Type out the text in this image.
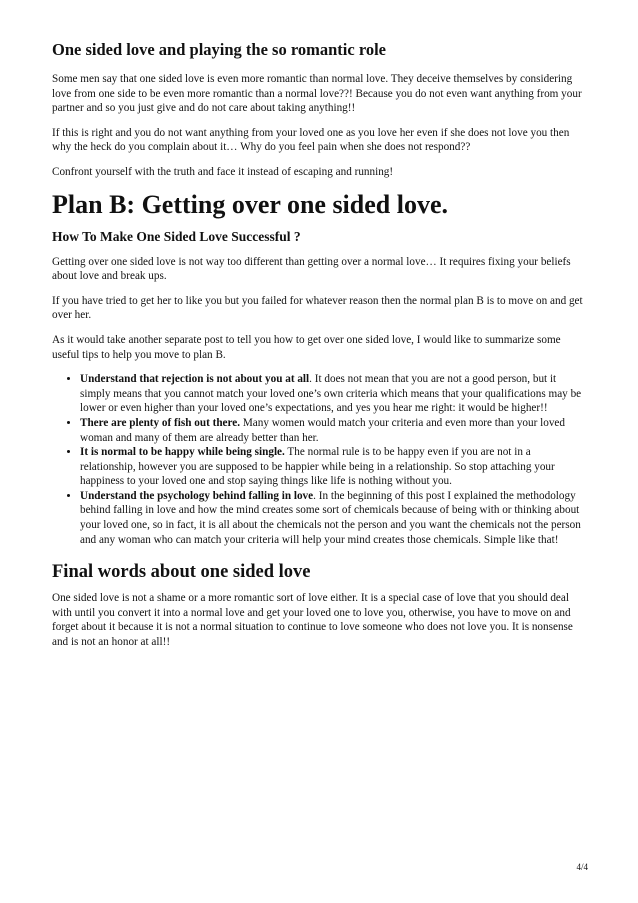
One sided love and playing the so romantic role

Some men say that one sided love is even more romantic than normal love. They deceive themselves by considering love from one side to be even more romantic than a normal love??! Because you do not even want anything from your partner and so you just give and do not care about taking anything!!

If this is right and you do not want anything from your loved one as you love her even if she does not love you then why the heck do you complain about it… Why do you feel pain when she does not respond??

Confront yourself with the truth and face it instead of escaping and running!

Plan B: Getting over one sided love.
How To Make One Sided Love Successful ?

Getting over one sided love is not way too different than getting over a normal love… It requires fixing your beliefs about love and break ups.

If you have tried to get her to like you but you failed for whatever reason then the normal plan B is to move on and get over her.

As it would take another separate post to tell you how to get over one sided love, I would like to summarize some useful tips to help you move to plan B.

• Understand that rejection is not about you at all. It does not mean that you are not a good person, but it simply means that you cannot match your loved one’s own criteria which means that your qualifications may be lower or even higher than your loved one’s expectations, and yes you hear me right: it would be higher!!
• There are plenty of fish out there. Many women would match your criteria and even more than your loved woman and many of them are already better than her.
• It is normal to be happy while being single. The normal rule is to be happy even if you are not in a relationship, however you are supposed to be happier while being in a relationship. So stop attaching your happiness to your loved one and stop saying things like life is nothing without you.
• Understand the psychology behind falling in love. In the beginning of this post I explained the methodology behind falling in love and how the mind creates some sort of chemicals because of being with or thinking about your loved one, so in fact, it is all about the chemicals not the person and you want the chemicals not the person and any woman who can match your criteria will help your mind creates those chemicals. Simple like that!
Final words about one sided love

One sided love is not a shame or a more romantic sort of love either. It is a special case of love that you should deal with until you convert it into a normal love and get your loved one to love you, otherwise, you have to move on and forget about it because it is not a normal situation to continue to love someone who does not love you. It is nonsense and is not an honor at all!!

4/4
